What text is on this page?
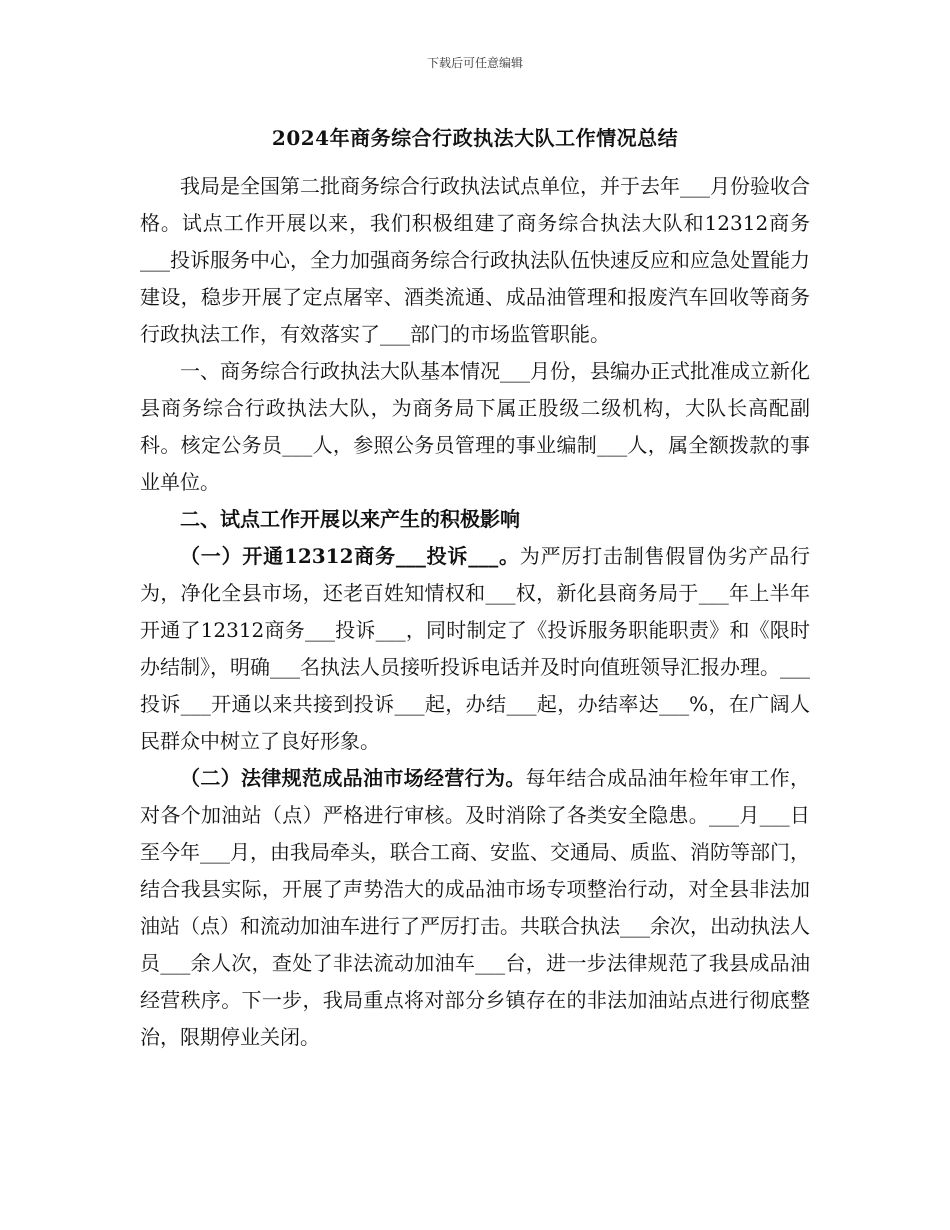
下载后可任意编辑
2024年商务综合行政执法大队工作情况总结

我局是全国第二批商务综合行政执法试点单位，并于去年___月份验收合格。试点工作开展以来，我们积极组建了商务综合执法大队和12312商务___投诉服务中心，全力加强商务综合行政执法队伍快速反应和应急处置能力建设，稳步开展了定点屠宰、酒类流通、成品油管理和报废汽车回收等商务行政执法工作，有效落实了___部门的市场监管职能。

一、商务综合行政执法大队基本情况___月份，县编办正式批准成立新化县商务综合行政执法大队，为商务局下属正股级二级机构，大队长高配副科。核定公务员___人，参照公务员管理的事业编制___人，属全额拨款的事业单位。

二、试点工作开展以来产生的积极影响

（一）开通12312商务___投诉___。为严厉打击制售假冒伪劣产品行为，净化全县市场，还老百姓知情权和___权，新化县商务局于___年上半年开通了12312商务___投诉___，同时制定了《投诉服务职能职责》和《限时办结制》，明确___名执法人员接听投诉电话并及时向值班领导汇报办理。___投诉___开通以来共接到投诉___起，办结___起，办结率达___%，在广阔人民群众中树立了良好形象。

（二）法律规范成品油市场经营行为。每年结合成品油年检年审工作，对各个加油站（点）严格进行审核。及时消除了各类安全隐患。___月___日至今年___月，由我局牵头，联合工商、安监、交通局、质监、消防等部门，结合我县实际，开展了声势浩大的成品油市场专项整治行动，对全县非法加油站（点）和流动加油车进行了严厉打击。共联合执法___余次，出动执法人员___余人次，查处了非法流动加油车___台，进一步法律规范了我县成品油经营秩序。下一步，我局重点将对部分乡镇存在的非法加油站点进行彻底整治，限期停业关闭。
